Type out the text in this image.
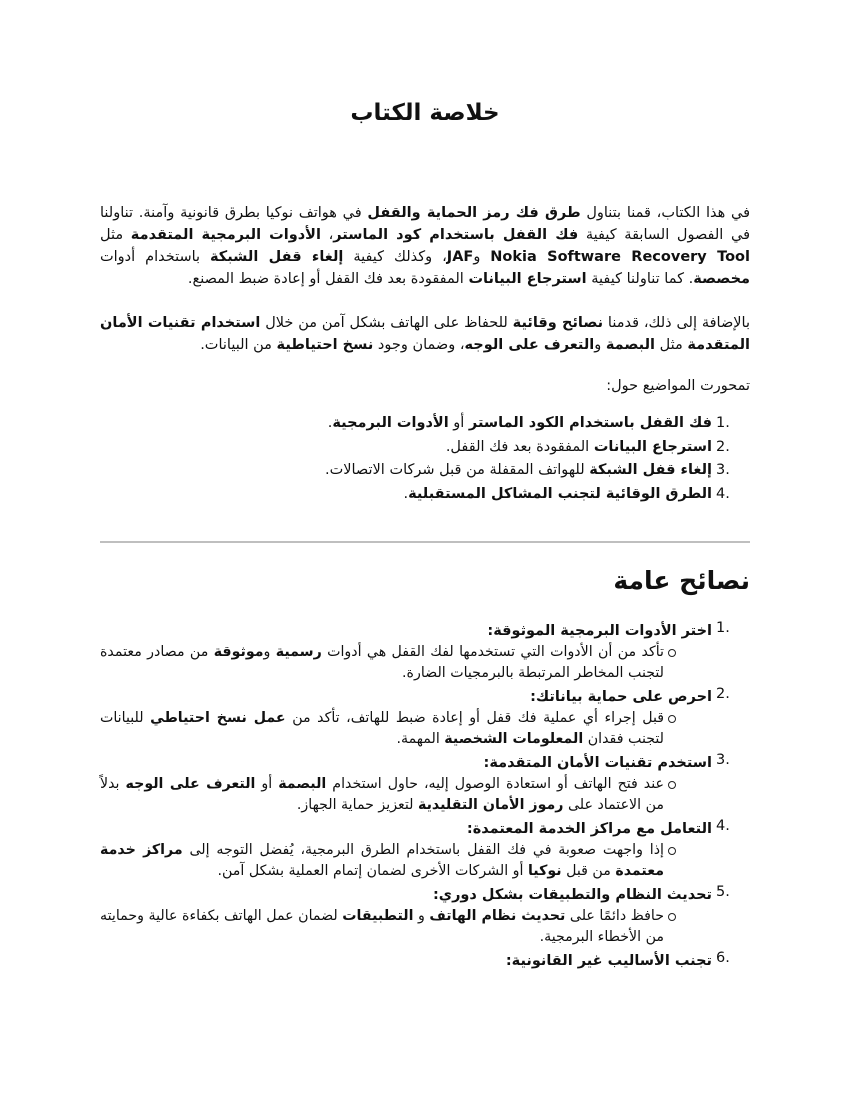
خلاصة الكتاب

في هذا الكتاب، قمنا بتناول طرق فك رمز الحماية والقفل في هواتف نوكيا بطرق قانونية وآمنة. تناولنا في الفصول السابقة كيفية فك القفل باستخدام كود الماستر، الأدوات البرمجية المتقدمة مثل Nokia Software Recovery Tool وJAF، وكذلك كيفية إلغاء قفل الشبكة باستخدام أدوات مخصصة. كما تناولنا كيفية استرجاع البيانات المفقودة بعد فك القفل أو إعادة ضبط المصنع.

بالإضافة إلى ذلك، قدمنا نصائح وقائية للحفاظ على الهاتف بشكل آمن من خلال استخدام تقنيات الأمان المتقدمة مثل البصمة والتعرف على الوجه، وضمان وجود نسخ احتياطية من البيانات.

تمحورت المواضيع حول:

1.
فك القفل باستخدام الكود الماستر أو الأدوات البرمجية.
2.
استرجاع البيانات المفقودة بعد فك القفل.
3.
إلغاء قفل الشبكة للهواتف المقفلة من قبل شركات الاتصالات.
4.
الطرق الوقائية لتجنب المشاكل المستقبلية.
نصائح عامة
1.
اختر الأدوات البرمجية الموثوقة:
تأكد من أن الأدوات التي تستخدمها لفك القفل هي أدوات رسمية وموثوقة من مصادر معتمدة لتجنب المخاطر المرتبطة بالبرمجيات الضارة.
2.
احرص على حماية بياناتك:
قبل إجراء أي عملية فك قفل أو إعادة ضبط للهاتف، تأكد من عمل نسخ احتياطي للبيانات لتجنب فقدان المعلومات الشخصية المهمة.
3.
استخدم تقنيات الأمان المتقدمة:
عند فتح الهاتف أو استعادة الوصول إليه، حاول استخدام البصمة أو التعرف على الوجه بدلاً من الاعتماد على رموز الأمان التقليدية لتعزيز حماية الجهاز.
4.
التعامل مع مراكز الخدمة المعتمدة:
إذا واجهت صعوبة في فك القفل باستخدام الطرق البرمجية، يُفضل التوجه إلى مراكز خدمة معتمدة من قبل نوكيا أو الشركات الأخرى لضمان إتمام العملية بشكل آمن.
5.
تحديث النظام والتطبيقات بشكل دوري:
حافظ دائمًا على تحديث نظام الهاتف و التطبيقات لضمان عمل الهاتف بكفاءة عالية وحمايته من الأخطاء البرمجية.
6.
تجنب الأساليب غير القانونية:
